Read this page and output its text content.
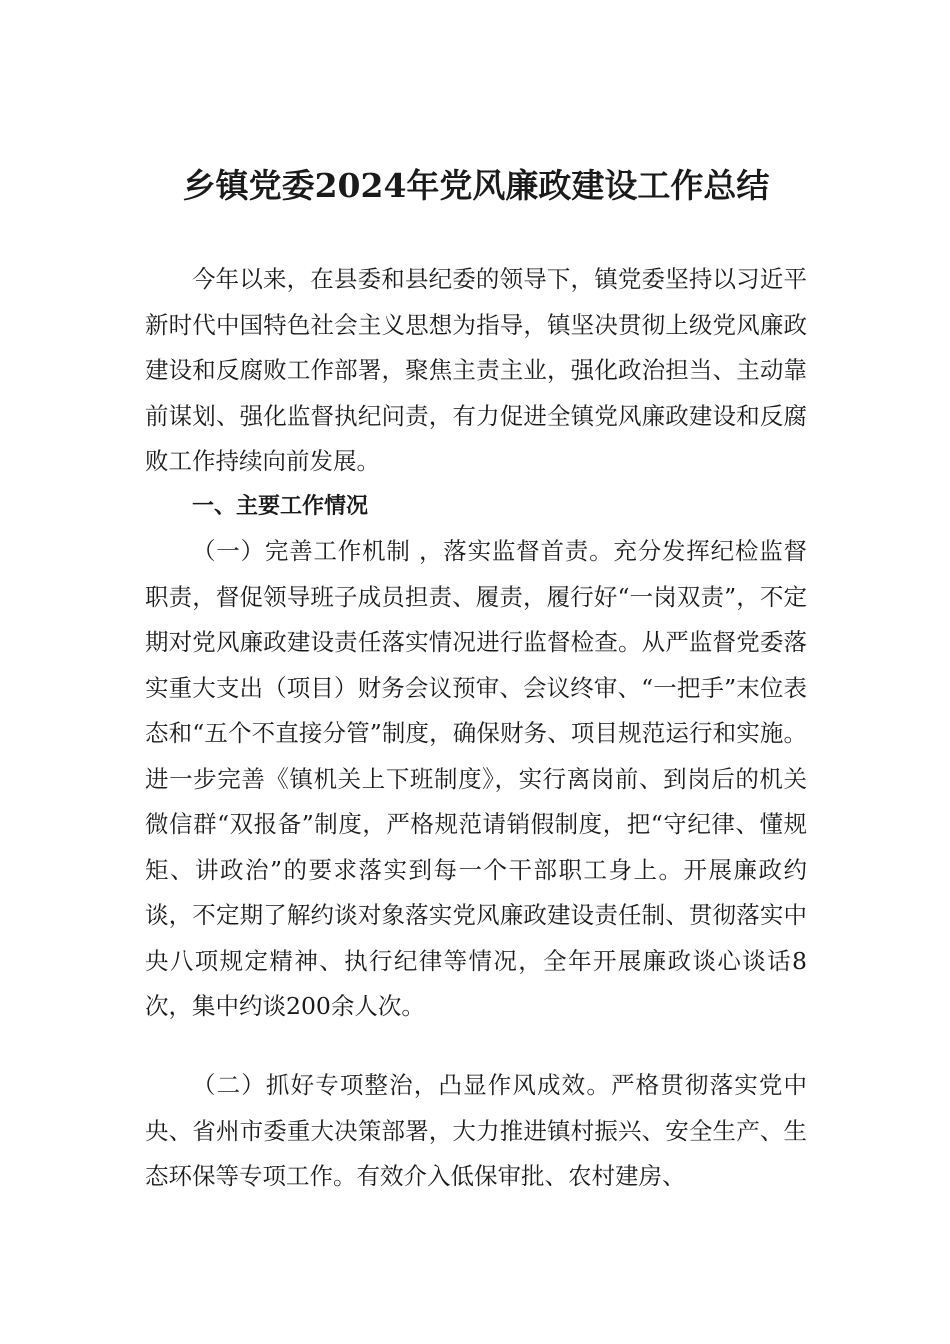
乡镇党委2024年党风廉政建设工作总结

今年以来，在县委和县纪委的领导下，镇党委坚持以习近平新时代中国特色社会主义思想为指导，镇坚决贯彻上级党风廉政建设和反腐败工作部署，聚焦主责主业，强化政治担当、主动靠前谋划、强化监督执纪问责，有力促进全镇党风廉政建设和反腐败工作持续向前发展。

一、主要工作情况

（一）完善工作机制 ，落实监督首责。充分发挥纪检监督职责，督促领导班子成员担责、履责，履行好“一岗双责”，不定期对党风廉政建设责任落实情况进行监督检查。从严监督党委落实重大支出（项目）财务会议预审、会议终审、“一把手”末位表态和“五个不直接分管”制度，确保财务、项目规范运行和实施。进一步完善《镇机关上下班制度》，实行离岗前、到岗后的机关微信群“双报备”制度，严格规范请销假制度，把“守纪律、懂规矩、讲政治”的要求落实到每一个干部职工身上。开展廉政约谈，不定期了解约谈对象落实党风廉政建设责任制、贯彻落实中央八项规定精神、执行纪律等情况，全年开展廉政谈心谈话8次，集中约谈200余人次。

（二）抓好专项整治，凸显作风成效。严格贯彻落实党中央、省州市委重大决策部署，大力推进镇村振兴、安全生产、生态环保等专项工作。有效介入低保审批、农村建房、
